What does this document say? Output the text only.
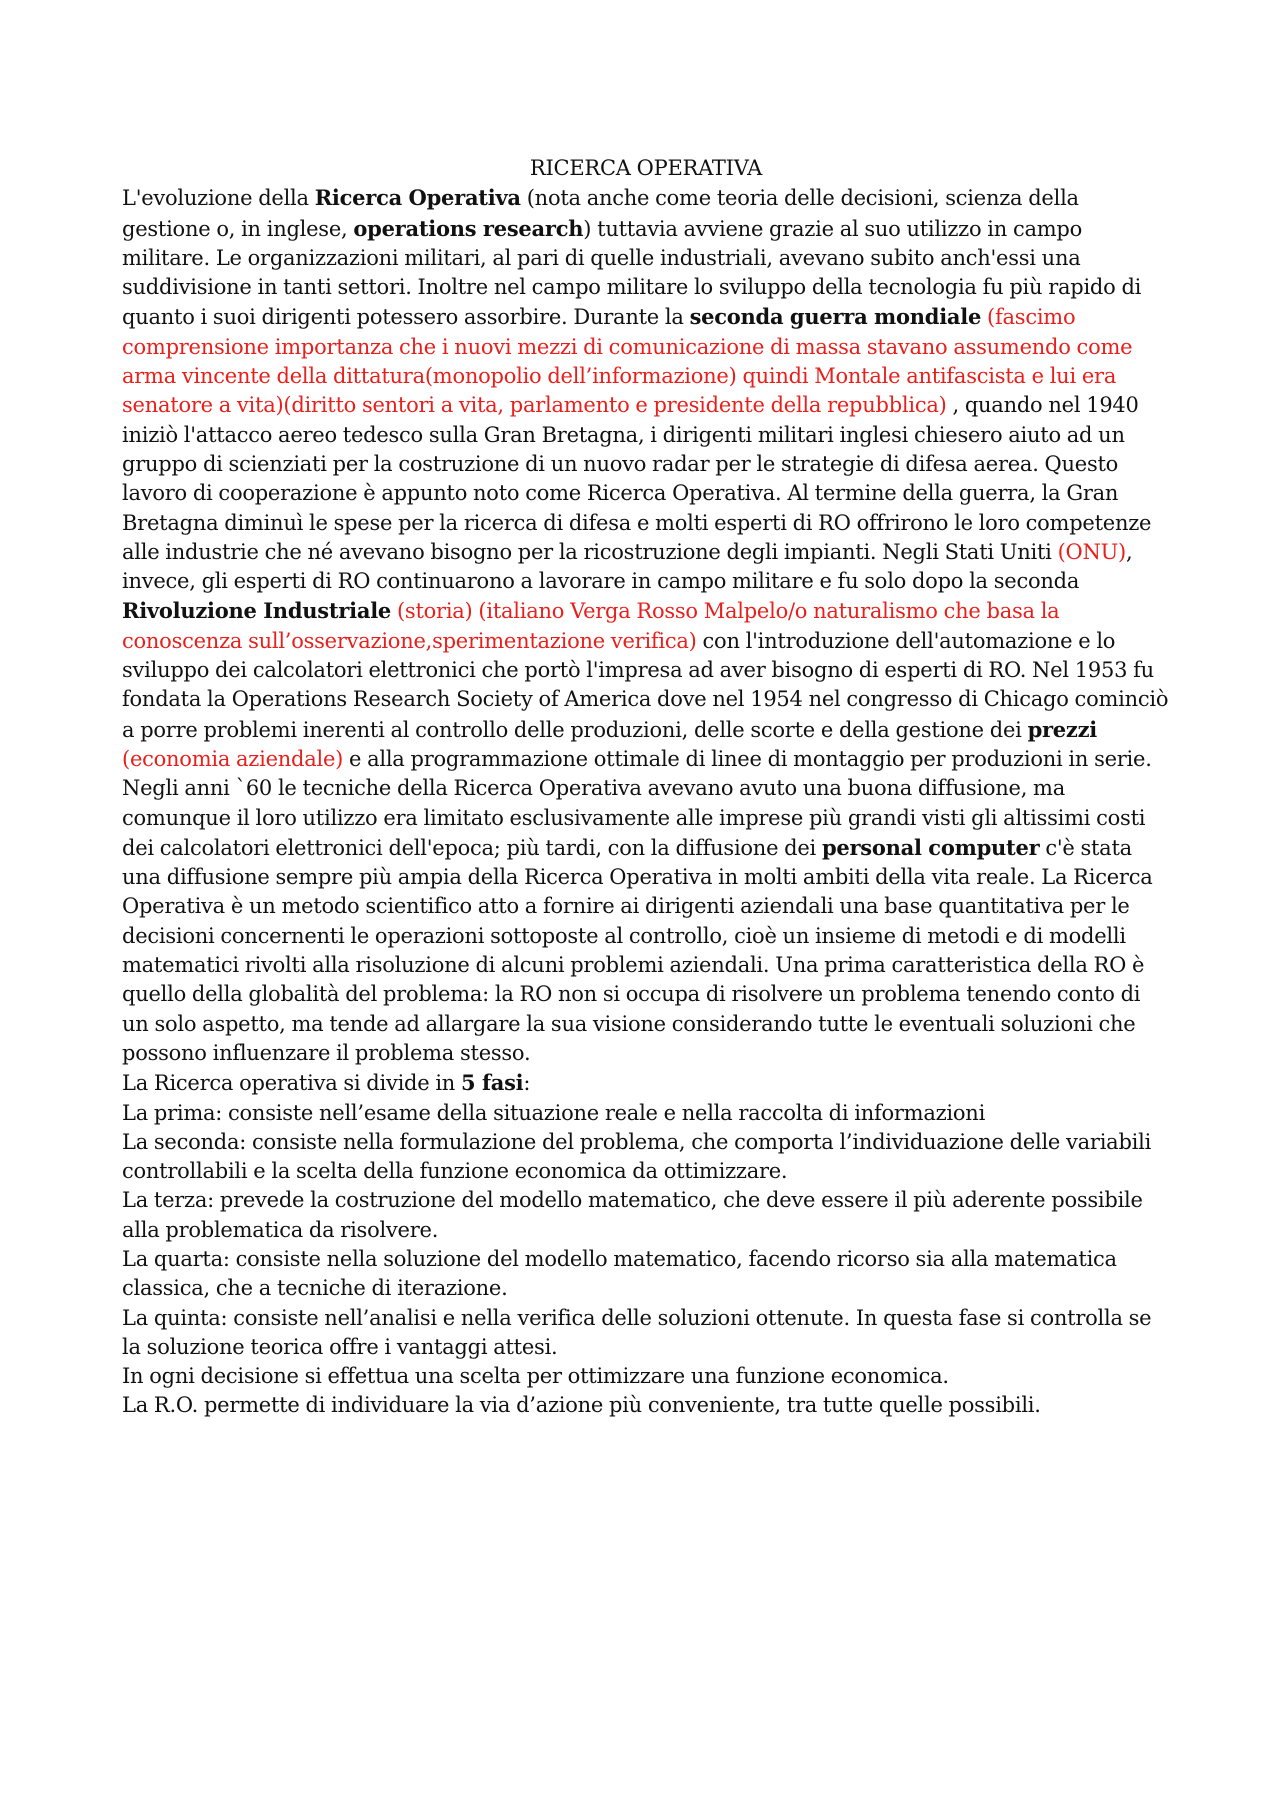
RICERCA OPERATIVA

L'evoluzione della Ricerca Operativa (nota anche come teoria delle decisioni, scienza della gestione o, in inglese, operations research) tuttavia avviene grazie al suo utilizzo in campo militare. Le organizzazioni militari, al pari di quelle industriali, avevano subito anch'essi una suddivisione in tanti settori. Inoltre nel campo militare lo sviluppo della tecnologia fu più rapido di quanto i suoi dirigenti potessero assorbire. Durante la seconda guerra mondiale (fascimo comprensione importanza che i nuovi mezzi di comunicazione di massa stavano assumendo come arma vincente della dittatura(monopolio dell’informazione) quindi Montale antifascista e lui era senatore a vita)(diritto sentori a vita, parlamento e presidente della repubblica) , quando nel 1940 iniziò l'attacco aereo tedesco sulla Gran Bretagna, i dirigenti militari inglesi chiesero aiuto ad un gruppo di scienziati per la costruzione di un nuovo radar per le strategie di difesa aerea. Questo lavoro di cooperazione è appunto noto come Ricerca Operativa. Al termine della guerra, la Gran Bretagna diminuì le spese per la ricerca di difesa e molti esperti di RO offrirono le loro competenze alle industrie che né avevano bisogno per la ricostruzione degli impianti. Negli Stati Uniti (ONU), invece, gli esperti di RO continuarono a lavorare in campo militare e fu solo dopo la seconda Rivoluzione Industriale (storia) (italiano Verga Rosso Malpelo/o naturalismo che basa la conoscenza sull’osservazione,sperimentazione verifica) con l'introduzione dell'automazione e lo sviluppo dei calcolatori elettronici che portò l'impresa ad aver bisogno di esperti di RO. Nel 1953 fu fondata la Operations Research Society of America dove nel 1954 nel congresso di Chicago cominciò a porre problemi inerenti al controllo delle produzioni, delle scorte e della gestione dei prezzi (economia aziendale) e alla programmazione ottimale di linee di montaggio per produzioni in serie. Negli anni `60 le tecniche della Ricerca Operativa avevano avuto una buona diffusione, ma comunque il loro utilizzo era limitato esclusivamente alle imprese più grandi visti gli altissimi costi dei calcolatori elettronici dell'epoca; più tardi, con la diffusione dei personal computer c'è stata una diffusione sempre più ampia della Ricerca Operativa in molti ambiti della vita reale. La Ricerca Operativa è un metodo scientifico atto a fornire ai dirigenti aziendali una base quantitativa per le decisioni concernenti le operazioni sottoposte al controllo, cioè un insieme di metodi e di modelli matematici rivolti alla risoluzione di alcuni problemi aziendali. Una prima caratteristica della RO è quello della globalità del problema: la RO non si occupa di risolvere un problema tenendo conto di un solo aspetto, ma tende ad allargare la sua visione considerando tutte le eventuali soluzioni che possono influenzare il problema stesso.

La Ricerca operativa si divide in 5 fasi:

La prima: consiste nell’esame della situazione reale e nella raccolta di informazioni

La seconda: consiste nella formulazione del problema, che comporta l’individuazione delle variabili controllabili e la scelta della funzione economica da ottimizzare.

La terza: prevede la costruzione del modello matematico, che deve essere il più aderente possibile alla problematica da risolvere.

La quarta: consiste nella soluzione del modello matematico, facendo ricorso sia alla matematica classica, che a tecniche di iterazione.

La quinta: consiste nell’analisi e nella verifica delle soluzioni ottenute. In questa fase si controlla se la soluzione teorica offre i vantaggi attesi.

In ogni decisione si effettua una scelta per ottimizzare una funzione economica.

La R.O. permette di individuare la via d’azione più conveniente, tra tutte quelle possibili.
